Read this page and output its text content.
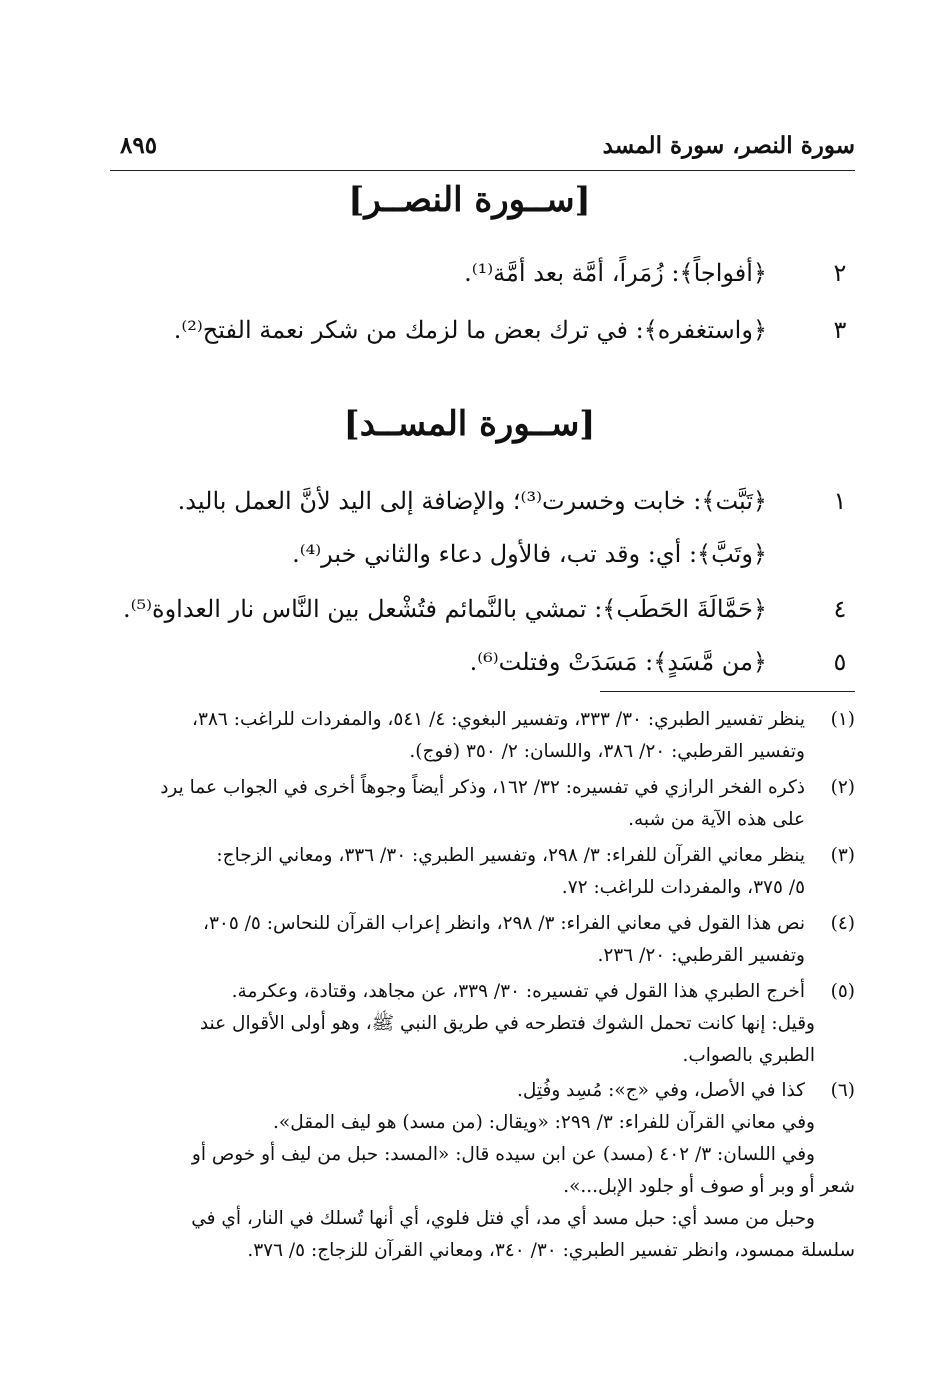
سورة النصر، سورة المسد
٨٩٥
[ســورة النصــر]
٢
﴿أفواجاً﴾: زُمَراً، أمَّة بعد أُمَّة⁽¹⁾.
٣
﴿واستغفره﴾: في ترك بعض ما لزمك من شكر نعمة الفتح⁽²⁾.
[ســورة المســد]
١
﴿تَبَّت﴾: خابت وخسرت⁽³⁾؛ والإضافة إلى اليد لأنَّ العمل باليد.
﴿وتَبَّ﴾: أي: وقد تب، فالأول دعاء والثاني خبر⁽⁴⁾.
٤
﴿حَمَّالَةَ الحَطَب﴾: تمشي بالنَّمائم فتُشْعل بين النَّاس نار العداوة⁽⁵⁾.
٥
﴿من مَّسَدٍ﴾: مَسَدَتْ وفتلت⁽⁶⁾.
(١)
ينظر تفسير الطبري: ٣٠/ ٣٣٣، وتفسير البغوي: ٤/ ٥٤١، والمفردات للراغب: ٣٨٦،
وتفسير القرطبي: ٢٠/ ٣٨٦، واللسان: ٢/ ٣٥٠ (فوج).
(٢)
ذكره الفخر الرازي في تفسيره: ٣٢/ ١٦٢، وذكر أيضاً وجوهاً أخرى في الجواب عما يرد
على هذه الآية من شبه.
(٣)
ينظر معاني القرآن للفراء: ٣/ ٢٩٨، وتفسير الطبري: ٣٠/ ٣٣٦، ومعاني الزجاج:
٥/ ٣٧٥، والمفردات للراغب: ٧٢.
(٤)
نص هذا القول في معاني الفراء: ٣/ ٢٩٨، وانظر إعراب القرآن للنحاس: ٥/ ٣٠٥،
وتفسير القرطبي: ٢٠/ ٢٣٦.
(٥)
أخرج الطبري هذا القول في تفسيره: ٣٠/ ٣٣٩، عن مجاهد، وقتادة، وعكرمة.
وقيل: إنها كانت تحمل الشوك فتطرحه في طريق النبي ﷺ، وهو أولى الأقوال عند
الطبري بالصواب.
(٦)
كذا في الأصل، وفي «ج»: مُسِد وفُتِل.
وفي معاني القرآن للفراء: ٣/ ٢٩٩: «ويقال: (من مسد) هو ليف المقل».
وفي اللسان: ٣/ ٤٠٢ (مسد) عن ابن سيده قال: «المسد: حبل من ليف أو خوص أو
شعر أو وبر أو صوف أو جلود الإبل...».
وحبل من مسد أي: حبل مسد أي مد، أي فتل فلوي، أي أنها تُسلك في النار، أي في
سلسلة ممسود، وانظر تفسير الطبري: ٣٠/ ٣٤٠، ومعاني القرآن للزجاج: ٥/ ٣٧٦.
